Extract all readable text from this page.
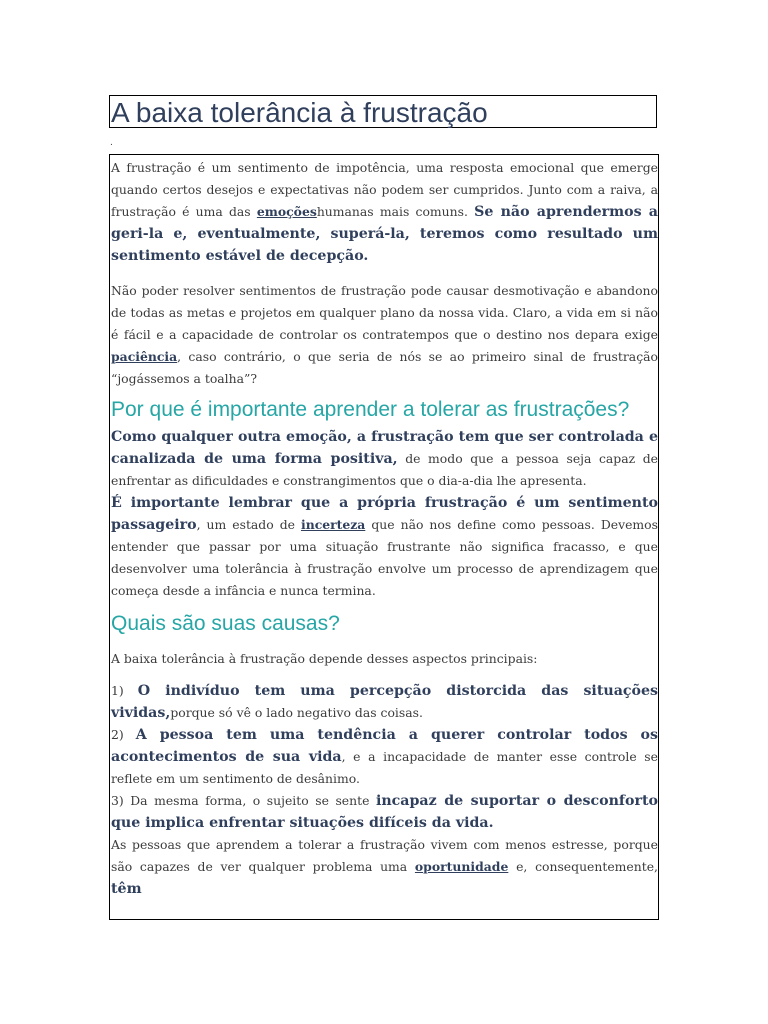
A baixa tolerância à frustração
.

A frustração é um sentimento de impotência, uma resposta emocional que emerge quando certos desejos e expectativas não podem ser cumpridos. Junto com a raiva, a frustração é uma das emoçõeshumanas mais comuns. Se não aprendermos a geri-la e, eventualmente, superá-la, teremos como resultado um sentimento estável de decepção.

Não poder resolver sentimentos de frustração pode causar desmotivação e abandono de todas as metas e projetos em qualquer plano da nossa vida. Claro, a vida em si não é fácil e a capacidade de controlar os contratempos que o destino nos depara exige paciência, caso contrário, o que seria de nós se ao primeiro sinal de frustração “jogássemos a toalha”?

Por que é importante aprender a tolerar as frustrações?

Como qualquer outra emoção, a frustração tem que ser controlada e canalizada de uma forma positiva, de modo que a pessoa seja capaz de enfrentar as dificuldades e constrangimentos que o dia-a-dia lhe apresenta.

É importante lembrar que a própria frustração é um sentimento passageiro, um estado de incerteza que não nos define como pessoas. Devemos entender que passar por uma situação frustrante não significa fracasso, e que desenvolver uma tolerância à frustração envolve um processo de aprendizagem que começa desde a infância e nunca termina.

Quais são suas causas?

A baixa tolerância à frustração depende desses aspectos principais:

1) O indivíduo tem uma percepção distorcida das situações vividas,porque só vê o lado negativo das coisas.

2) A pessoa tem uma tendência a querer controlar todos os acontecimentos de sua vida, e a incapacidade de manter esse controle se reflete em um sentimento de desânimo.

3) Da mesma forma, o sujeito se sente incapaz de suportar o desconforto que implica enfrentar situações difíceis da vida.

As pessoas que aprendem a tolerar a frustração vivem com menos estresse, porque são capazes de ver qualquer problema uma oportunidade e, consequentemente, têm
